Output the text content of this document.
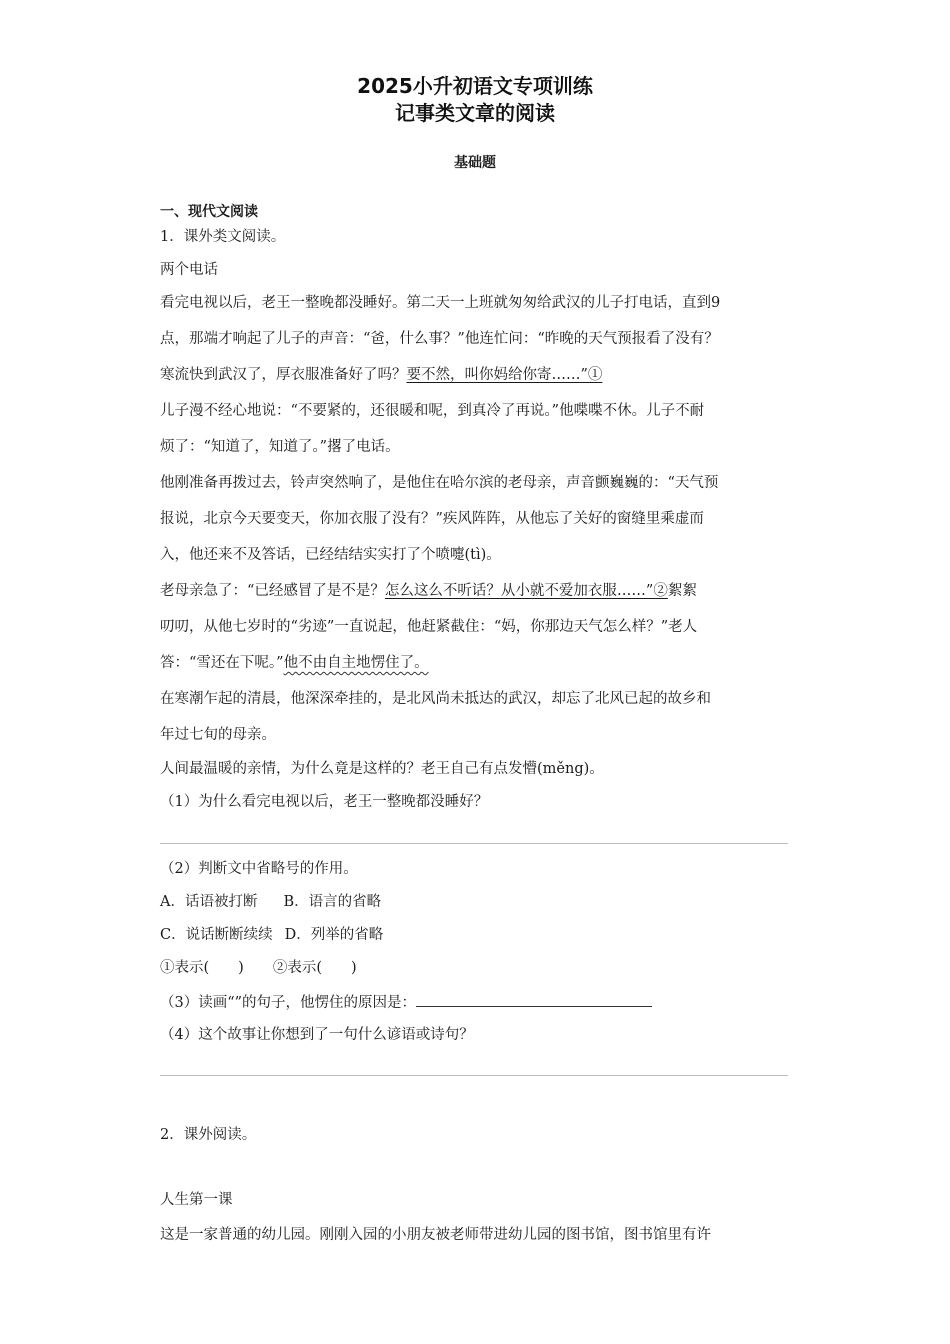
2025小升初语文专项训练
记事类文章的阅读
基础题
一、现代文阅读
1．课外类文阅读。
两个电话
看完电视以后，老王一整晚都没睡好。第二天一上班就匆匆给武汉的儿子打电话，直到9
点，那端才响起了儿子的声音：“爸，什么事？”他连忙问：“昨晚的天气预报看了没有？
寒流快到武汉了，厚衣服准备好了吗？要不然，叫你妈给你寄……”①
儿子漫不经心地说：“不要紧的，还很暖和呢，到真冷了再说。”他喋喋不休。儿子不耐
烦了：“知道了，知道了。”撂了电话。
他刚准备再拨过去，铃声突然响了，是他住在哈尔滨的老母亲，声音颤巍巍的：“天气预
报说，北京今天要变天，你加衣服了没有？”疾风阵阵，从他忘了关好的窗缝里乘虚而
入，他还来不及答话，已经结结实实打了个喷嚏(tì)。
老母亲急了：“已经感冒了是不是？怎么这么不听话？从小就不爱加衣服……”②絮絮
叨叨，从他七岁时的“劣迹”一直说起，他赶紧截住：“妈，你那边天气怎么样？”老人
答：“雪还在下呢。”他不由自主地愣住了。
在寒潮乍起的清晨，他深深牵挂的，是北风尚未抵达的武汉，却忘了北风已起的故乡和
年过七旬的母亲。
人间最温暖的亲情，为什么竟是这样的？老王自己有点发懵(měng)。
（1）为什么看完电视以后，老王一整晚都没睡好？
（2）判断文中省略号的作用。
A．话语被打断 B．语言的省略
C．说话断断续续 D．列举的省略
①表示(　　)　　②表示(　　)
（3）读画“”的句子，他愣住的原因是：
（4）这个故事让你想到了一句什么谚语或诗句？
2．课外阅读。
人生第一课
这是一家普通的幼儿园。刚刚入园的小朋友被老师带进幼儿园的图书馆，图书馆里有许
